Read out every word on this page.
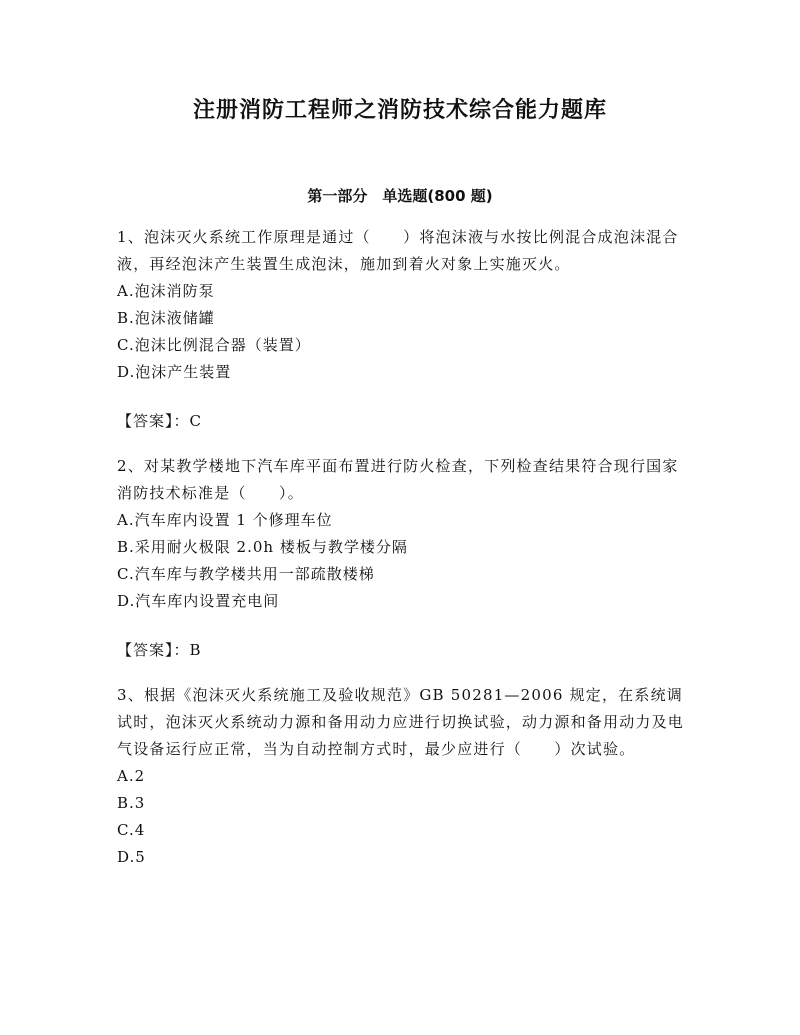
注册消防工程师之消防技术综合能力题库
第一部分　单选题(800 题)

1、泡沫灭火系统工作原理是通过（　　）将泡沫液与水按比例混合成泡沫混合液，再经泡沫产生装置生成泡沫，施加到着火对象上实施灭火。

A.泡沫消防泵

B.泡沫液储罐

C.泡沫比例混合器（装置）

D.泡沫产生装置

【答案】：C

2、对某教学楼地下汽车库平面布置进行防火检查，下列检查结果符合现行国家消防技术标准是（　　）。

A.汽车库内设置 1 个修理车位

B.采用耐火极限 2.0h 楼板与教学楼分隔

C.汽车库与教学楼共用一部疏散楼梯

D.汽车库内设置充电间

【答案】：B

3、根据《泡沫灭火系统施工及验收规范》GB 50281—2006 规定，在系统调试时，泡沫灭火系统动力源和备用动力应进行切换试验，动力源和备用动力及电气设备运行应正常，当为自动控制方式时，最少应进行（　　）次试验。

A.2

B.3

C.4

D.5
